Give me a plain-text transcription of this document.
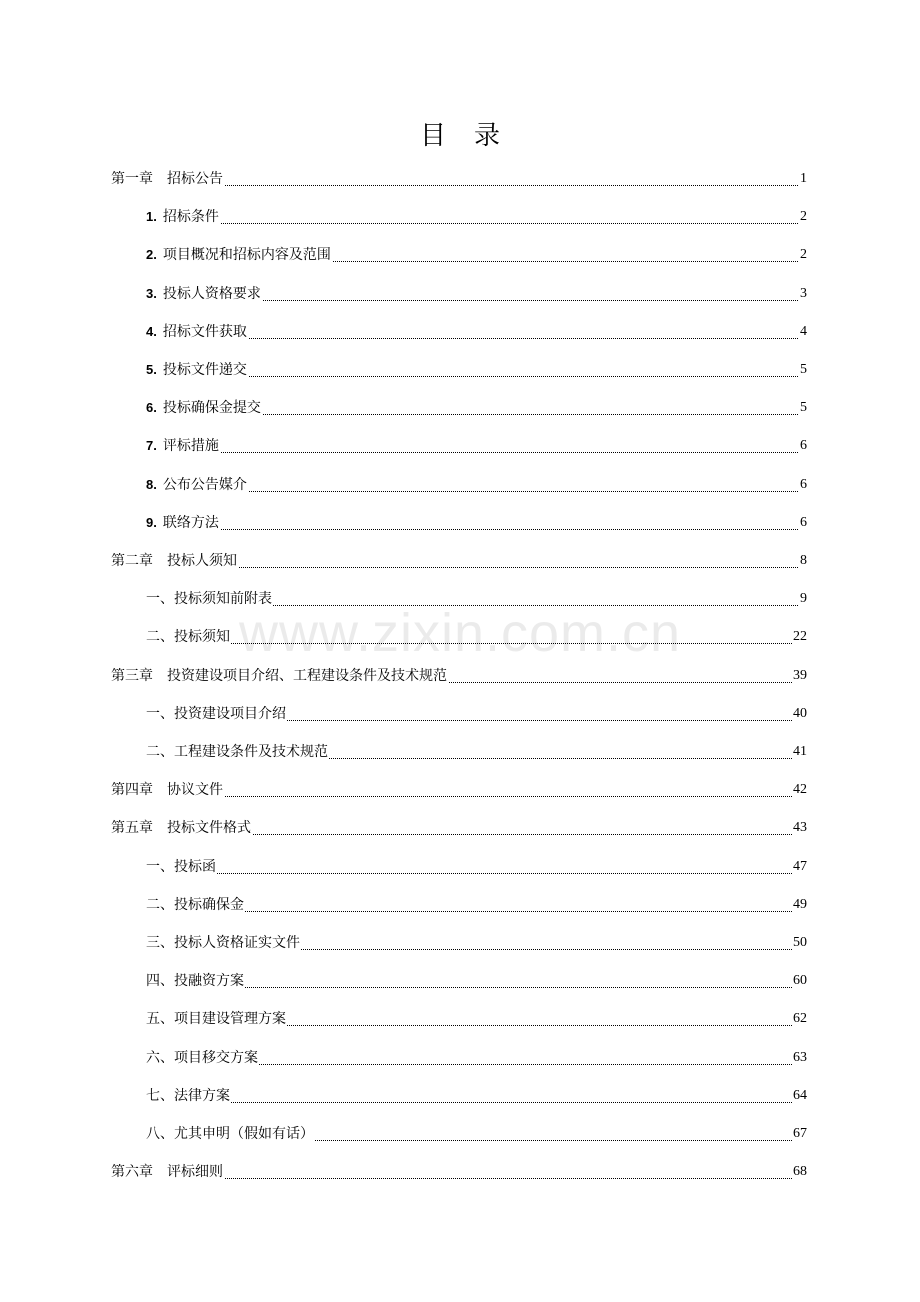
目 录
第一章 招标公告	1
1. 招标条件	2
2. 项目概况和招标内容及范围	2
3. 投标人资格要求	3
4. 招标文件获取	4
5. 投标文件递交	5
6. 投标确保金提交	5
7. 评标措施	6
8. 公布公告媒介	6
9. 联络方法	6
第二章 投标人须知	8
一、投标须知前附表	9
二、投标须知	22
第三章 投资建设项目介绍、工程建设条件及技术规范	39
一、投资建设项目介绍	40
二、工程建设条件及技术规范	41
第四章 协议文件	42
第五章 投标文件格式	43
一、投标函	47
二、投标确保金	49
三、投标人资格证实文件	50
四、投融资方案	60
五、项目建设管理方案	62
六、项目移交方案	63
七、法律方案	64
八、尤其申明（假如有话）	67
第六章 评标细则	68
www.zixin.com.cn
